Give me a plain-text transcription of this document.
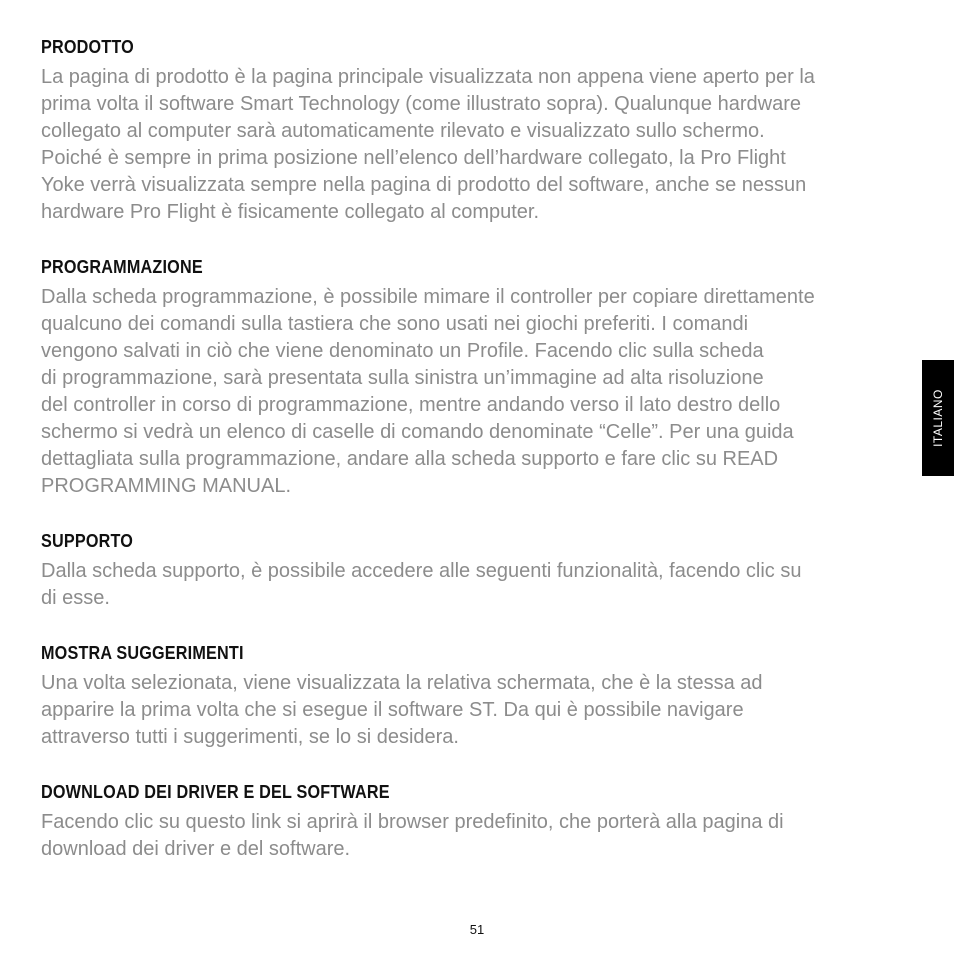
PRODOTTO

La pagina di prodotto è la pagina principale visualizzata non appena viene aperto per la
prima volta il software Smart Technology (come illustrato sopra). Qualunque hardware
collegato al computer sarà automaticamente rilevato e visualizzato sullo schermo.
Poiché è sempre in prima posizione nell’elenco dell’hardware collegato, la Pro Flight
Yoke verrà visualizzata sempre nella pagina di prodotto del software, anche se nessun
hardware Pro Flight è fisicamente collegato al computer.

PROGRAMMAZIONE

Dalla scheda programmazione, è possibile mimare il controller per copiare direttamente
qualcuno dei comandi sulla tastiera che sono usati nei giochi preferiti. I comandi
vengono salvati in ciò che viene denominato un Profile. Facendo clic sulla scheda
di programmazione, sarà presentata sulla sinistra un’immagine ad alta risoluzione
del controller in corso di programmazione, mentre andando verso il lato destro dello
schermo si vedrà un elenco di caselle di comando denominate “Celle”. Per una guida
dettagliata sulla programmazione, andare alla scheda supporto e fare clic su READ
PROGRAMMING MANUAL.

SUPPORTO

Dalla scheda supporto, è possibile accedere alle seguenti funzionalità, facendo clic su
di esse.

MOSTRA SUGGERIMENTI

Una volta selezionata, viene visualizzata la relativa schermata, che è la stessa ad
apparire la prima volta che si esegue il software ST. Da qui è possibile navigare
attraverso tutti i suggerimenti, se lo si desidera.

DOWNLOAD DEI DRIVER E DEL SOFTWARE

Facendo clic su questo link si aprirà il browser predefinito, che porterà alla pagina di
download dei driver e del software.

ITALIANO
51
